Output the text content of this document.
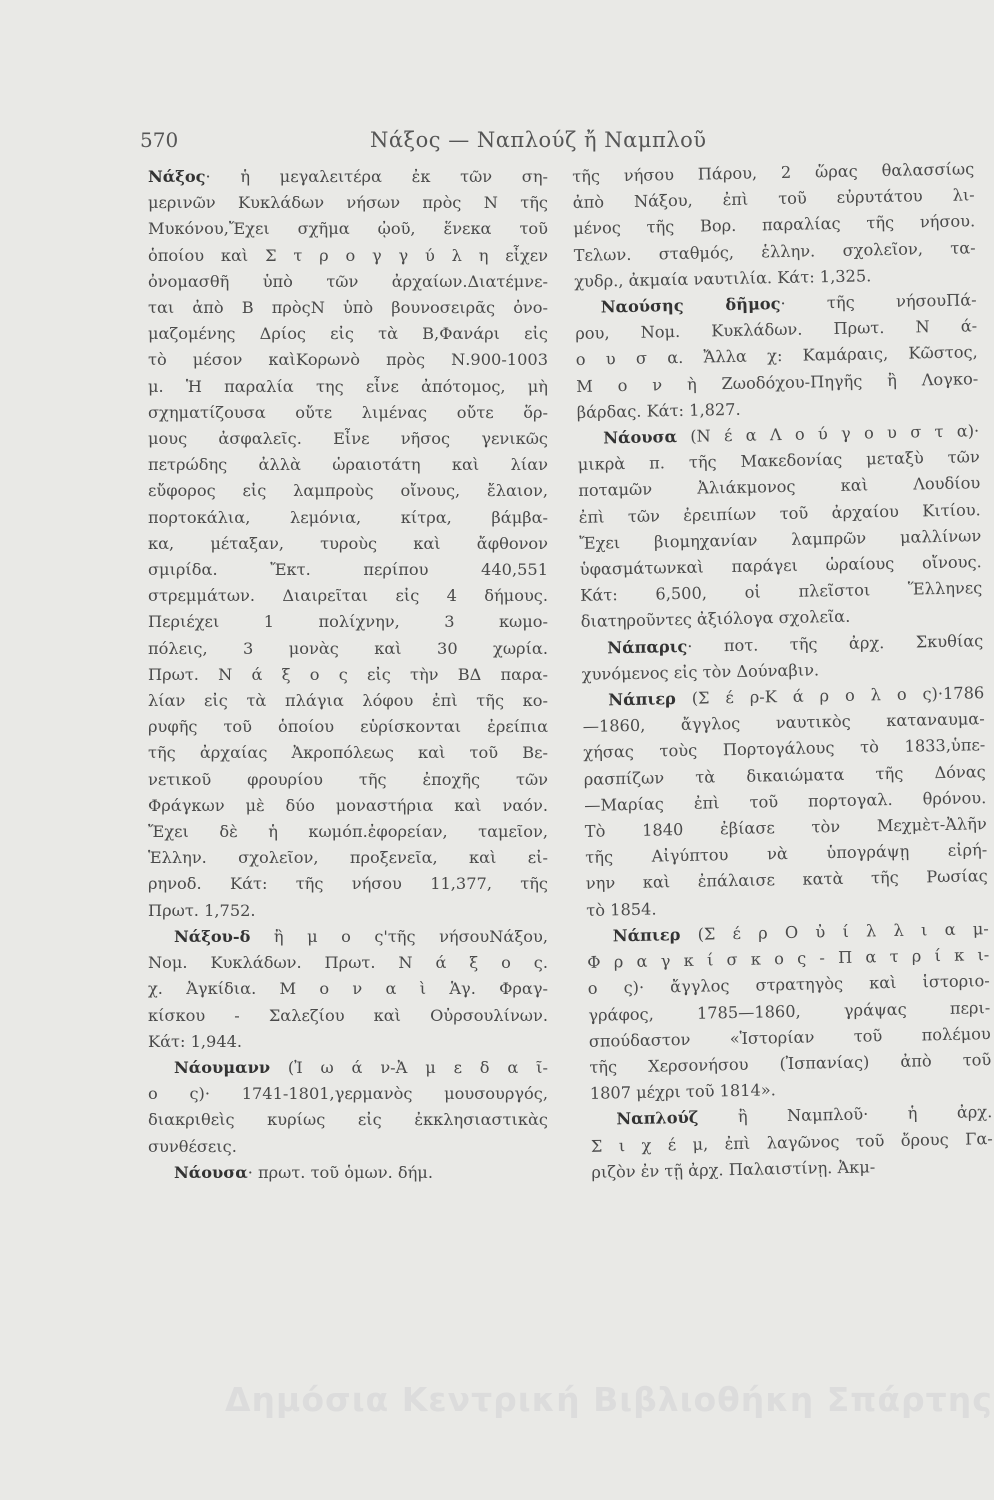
570	Νάξος — Ναπλούζ ἤ Ναμπλοῦ
Νάξος· ἡ μεγαλειτέρα ἐκ τῶν ση-
μερινῶν Κυκλάδων νήσων πρὸς Ν τῆς
Μυκόνου,Ἔχει σχῆμα ᾠοῦ, ἕνεκα τοῦ
ὁποίου καὶ Σ τ ρ ο γ γ ύ λ η εἶχεν
ὀνομασθῆ ὑπὸ τῶν ἀρχαίων.Διατέμνε-
ται ἀπὸ Β πρὸςΝ ὑπὸ βουνοσειρᾶς ὀνο-
μαζομένης Δρίος εἰς τὰ Β,Φανάρι εἰς
τὸ μέσον καὶΚορωνὸ πρὸς Ν.900-1003
μ. Ἡ παραλία της εἶνε ἀπότομος, μὴ
σχηματίζουσα οὔτε λιμένας οὔτε ὅρ-
μους ἀσφαλεῖς. Εἶνε νῆσος γενικῶς
πετρώδης ἀλλὰ ὡραιοτάτη καὶ λίαν
εὔφορος εἰς λαμπροὺς οἴνους, ἔλαιον,
πορτοκάλια, λεμόνια, κίτρα, βάμβα-
κα, μέταξαν, τυροὺς καὶ ἄφθονον
σμιρίδα. Ἔκτ. περίπου 440,551
στρεμμάτων. Διαιρεῖται εἰς 4 δήμους.
Περιέχει 1 πολίχνην, 3 κωμο-
πόλεις, 3 μονὰς καὶ 30 χωρία.
Πρωτ. Ν ά ξ ο ς εἰς τὴν ΒΔ παρα-
λίαν εἰς τὰ πλάγια λόφου ἐπὶ τῆς κο-
ρυφῆς τοῦ ὁποίου εὑρίσκονται ἐρείπια
τῆς ἀρχαίας Ἀκροπόλεως καὶ τοῦ Βε-
νετικοῦ φρουρίου τῆς ἐποχῆς τῶν
Φράγκων μὲ δύο μοναστήρια καὶ ναόν.
Ἔχει δὲ ἡ κωμόπ.ἐφορείαν, ταμεῖον,
Ἑλλην. σχολεῖον, προξενεῖα, καὶ εἰ-
ρηνοδ. Κάτ: τῆς νήσου 11,377, τῆς
Πρωτ. 1,752.
Νάξου-δ ἢ μ ο ς'τῆς νήσουΝάξου,
Νομ. Κυκλάδων. Πρωτ. Ν ά ξ ο ς.
χ. Ἀγκίδια. Μ ο ν α ὶ Ἁγ. Φραγ-
κίσκου - Σαλεζίου καὶ Οὐρσουλίνων.
Κάτ: 1,944.
Νάουμανν (Ἰ ω ά ν-Ἀ μ ε δ α ῖ-
ο ς)· 1741-1801,γερμανὸς μουσουργός,
διακριθεὶς κυρίως εἰς ἐκκλησιαστικὰς
συνθέσεις.
Νάουσα· πρωτ. τοῦ ὁμων. δήμ.
τῆς νήσου Πάρου, 2 ὥρας θαλασσίως
ἀπὸ Νάξου, ἐπὶ τοῦ εὐρυτάτου λι-
μένος τῆς Βορ. παραλίας τῆς νήσου.
Τελων. σταθμός, ἑλλην. σχολεῖον, τα-
χυδρ., ἀκμαία ναυτιλία. Κάτ: 1,325.
Ναούσης δῆμος· τῆς νήσουΠά-
ρου, Νομ. Κυκλάδων. Πρωτ. Ν ά-
ο υ σ α. Ἄλλα χ: Καμάραις, Κῶστος,
Μ ο ν ὴ Ζωοδόχου-Πηγῆς ἢ Λογκο-
βάρδας. Κάτ: 1,827.
Νάουσα (Ν έ α Λ ο ύ γ ο υ σ τ α)·
μικρὰ π. τῆς Μακεδονίας μεταξὺ τῶν
ποταμῶν Ἀλιάκμονος καὶ Λουδίου
ἐπὶ τῶν ἐρειπίων τοῦ ἀρχαίου Κιτίου.
Ἔχει βιομηχανίαν λαμπρῶν μαλλίνων
ὑφασμάτωνκαὶ παράγει ὡραίους οἴνους.
Κάτ: 6,500, οἱ πλεῖστοι Ἕλληνες
διατηροῦντες ἀξιόλογα σχολεῖα.
Νάπαρις· ποτ. τῆς ἀρχ. Σκυθίας
χυνόμενος εἰς τὸν Δούναβιν.
Νάπιερ (Σ έ ρ-Κ ά ρ ο λ ο ς)·1786
—1860, ἄγγλος ναυτικὸς καταναυμα-
χήσας τοὺς Πορτογάλους τὸ 1833,ὑπε-
ρασπίζων τὰ δικαιώματα τῆς Δόνας
—Μαρίας ἐπὶ τοῦ πορτογαλ. θρόνου.
Τὸ 1840 ἐβίασε τὸν Μεχμὲτ-Ἀλῆν
τῆς Αἰγύπτου νὰ ὑπογράψῃ εἰρή-
νην καὶ ἐπάλαισε κατὰ τῆς Ρωσίας
τὸ 1854.
Νάπιερ (Σ έ ρ Ο ὐ ί λ λ ι α μ-
Φ ρ α γ κ ί σ κ ο ς - Π α τ ρ ί κ ι-
ο ς)· ἄγγλος στρατηγὸς καὶ ἱστοριο-
γράφος, 1785—1860, γράψας περι-
σπούδαστον «Ἱστορίαν τοῦ πολέμου
τῆς Χερσονήσου (Ἰσπανίας) ἀπὸ τοῦ
1807 μέχρι τοῦ 1814».
Ναπλούζ ἢ Ναμπλοῦ· ἡ ἀρχ.
Σ ι χ έ μ, ἐπὶ λαγῶνος τοῦ ὄρους Γα-
ριζὸν ἐν τῇ ἀρχ. Παλαιστίνῃ. Ἀκμ-
Δημόσια Κεντρική Βιβλιοθήκη Σπάρτης
